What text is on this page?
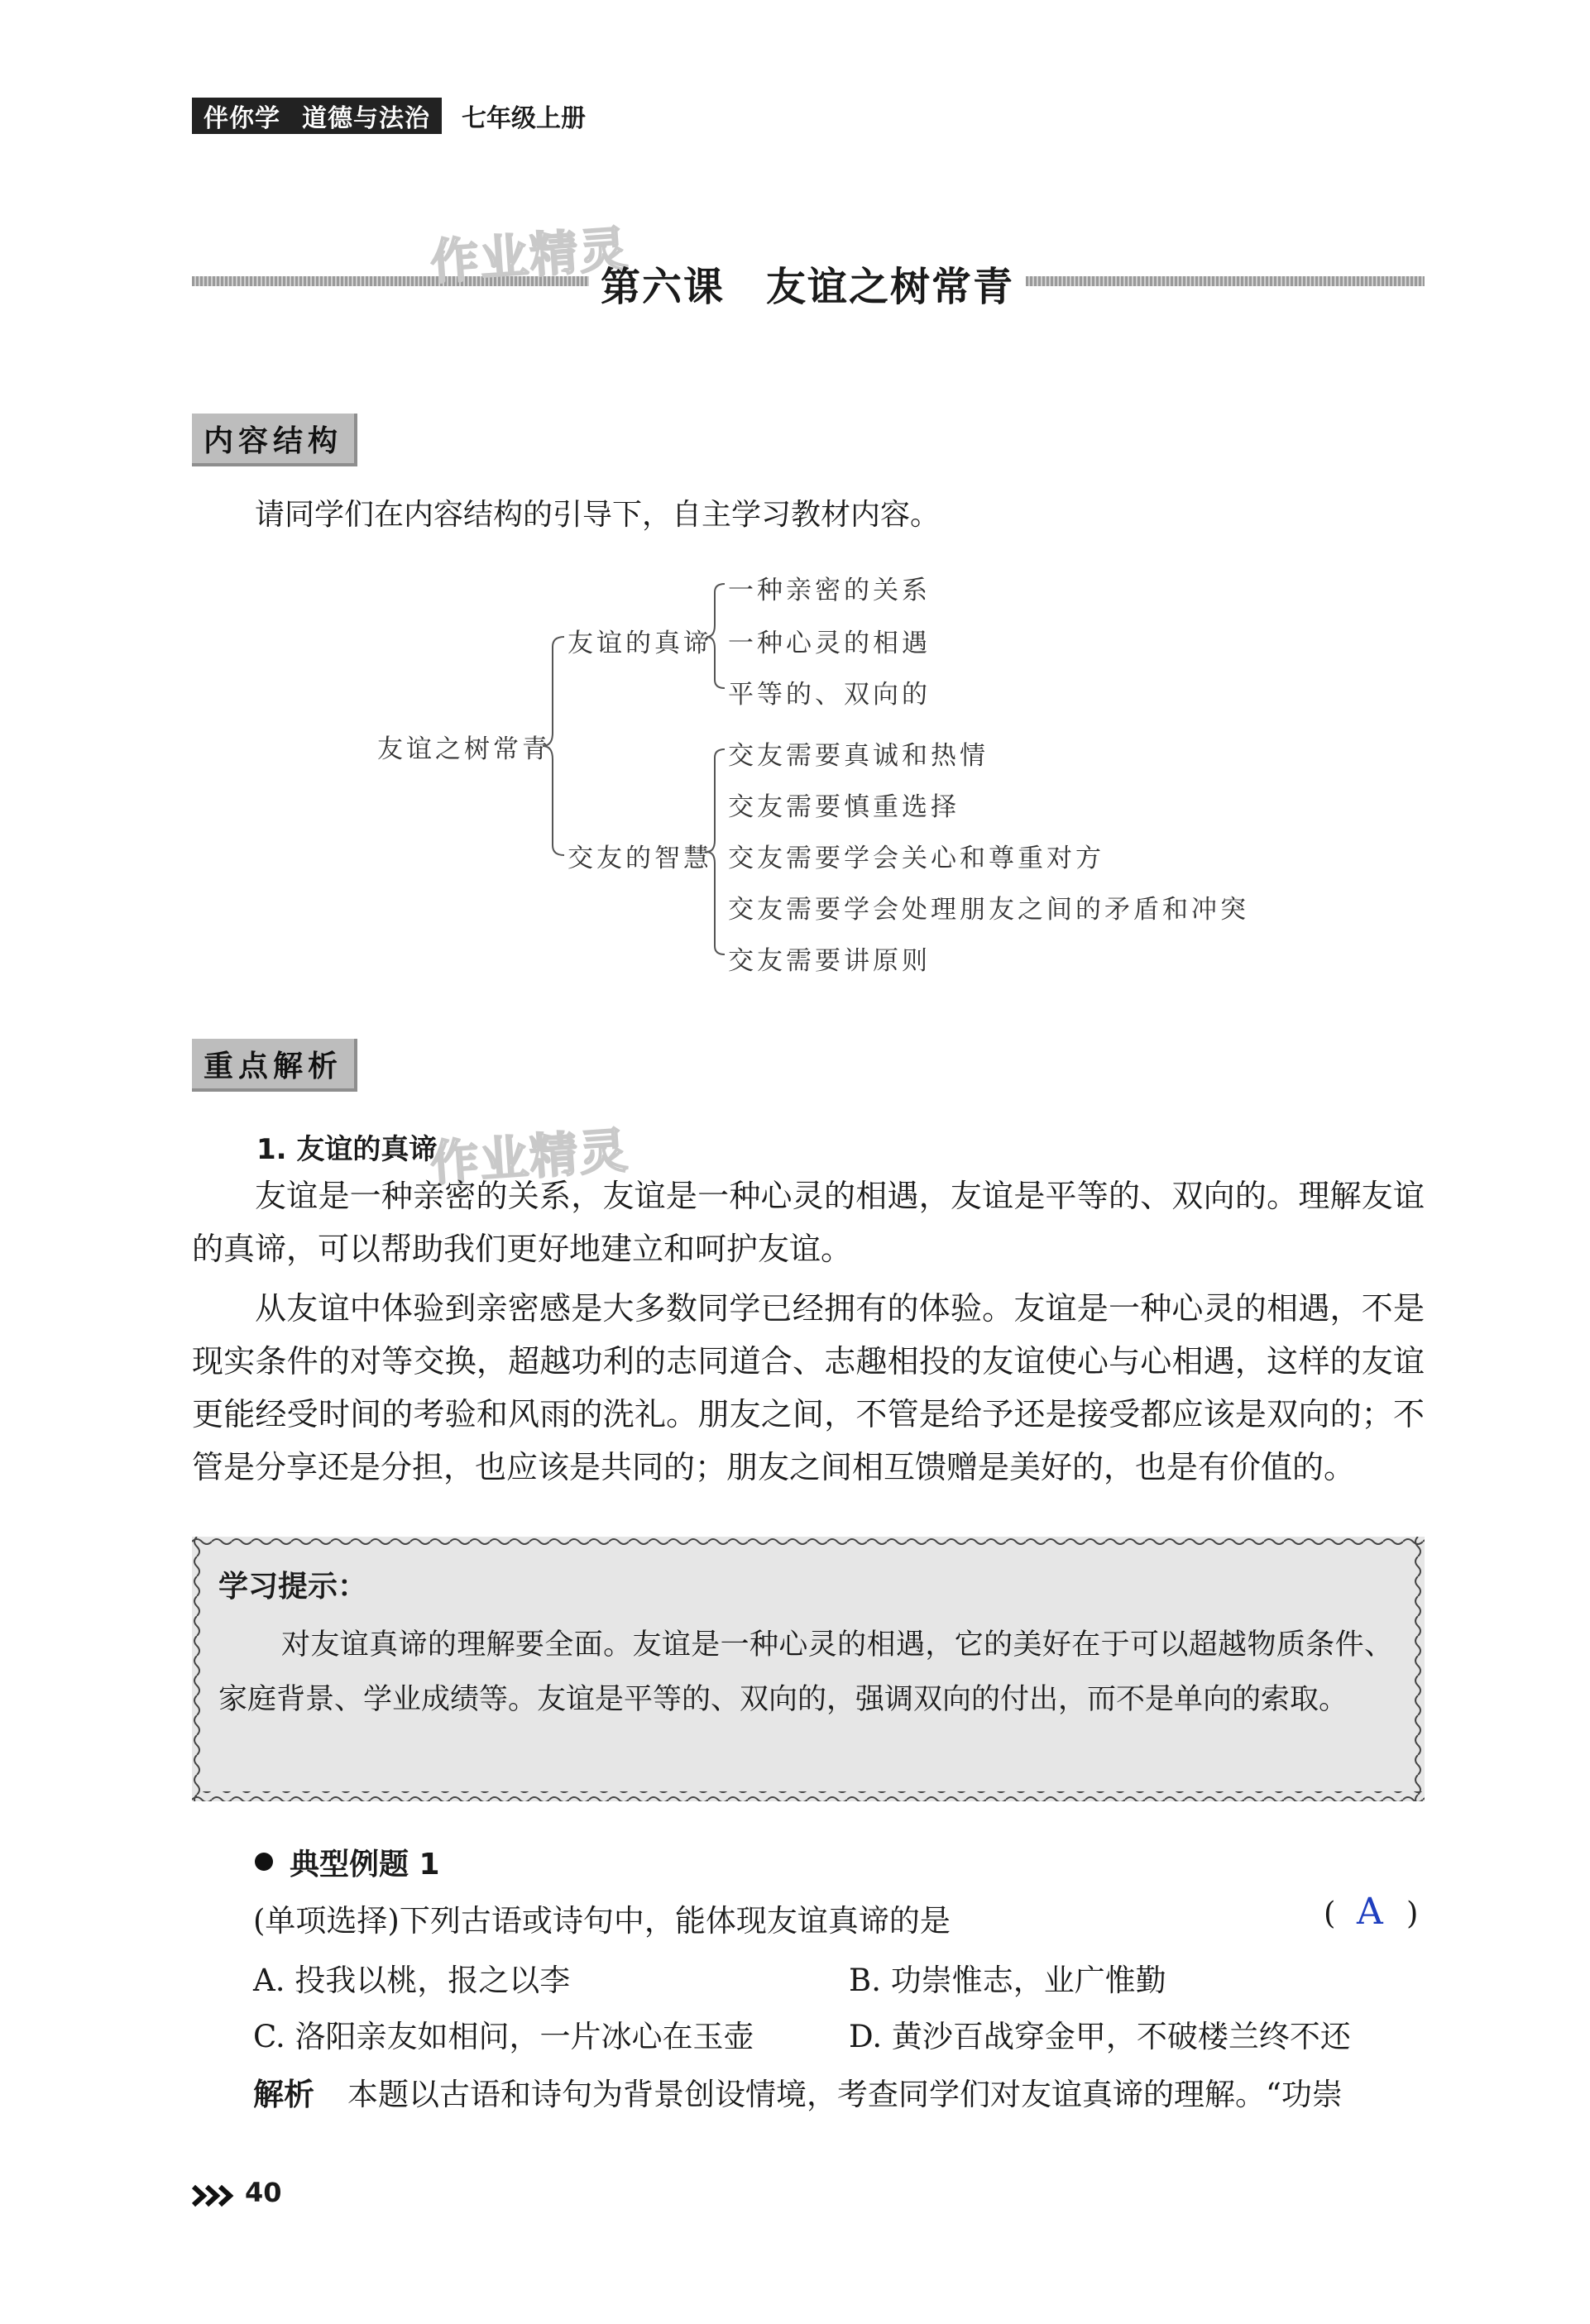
伴你学 道德与法治 七年级上册
作业精灵
第六课 友谊之树常青
内容结构
请同学们在内容结构的引导下，自主学习教材内容。
友谊之树常青
友谊的真谛
交友的智慧
一种亲密的关系
一种心灵的相遇
平等的、双向的
交友需要真诚和热情
交友需要慎重选择
交友需要学会关心和尊重对方
交友需要学会处理朋友之间的矛盾和冲突
交友需要讲原则
重点解析
作业精灵
1. 友谊的真谛
友谊是一种亲密的关系，友谊是一种心灵的相遇，友谊是平等的、双向的。理解友谊的真谛，可以帮助我们更好地建立和呵护友谊。
从友谊中体验到亲密感是大多数同学已经拥有的体验。友谊是一种心灵的相遇，不是现实条件的对等交换，超越功利的志同道合、志趣相投的友谊使心与心相遇，这样的友谊更能经受时间的考验和风雨的洗礼。朋友之间，不管是给予还是接受都应该是双向的；不管是分享还是分担，也应该是共同的；朋友之间相互馈赠是美好的，也是有价值的。
学习提示：
对友谊真谛的理解要全面。友谊是一种心灵的相遇，它的美好在于可以超越物质条件、家庭背景、学业成绩等。友谊是平等的、双向的，强调双向的付出，而不是单向的索取。
典型例题 1
(单项选择)下列古语或诗句中，能体现友谊真谛的是	( A )
A. 投我以桃，报之以李	B. 功崇惟志，业广惟勤
C. 洛阳亲友如相问，一片冰心在玉壶	D. 黄沙百战穿金甲，不破楼兰终不还
解析 本题以古语和诗句为背景创设情境，考查同学们对友谊真谛的理解。“功崇
40
